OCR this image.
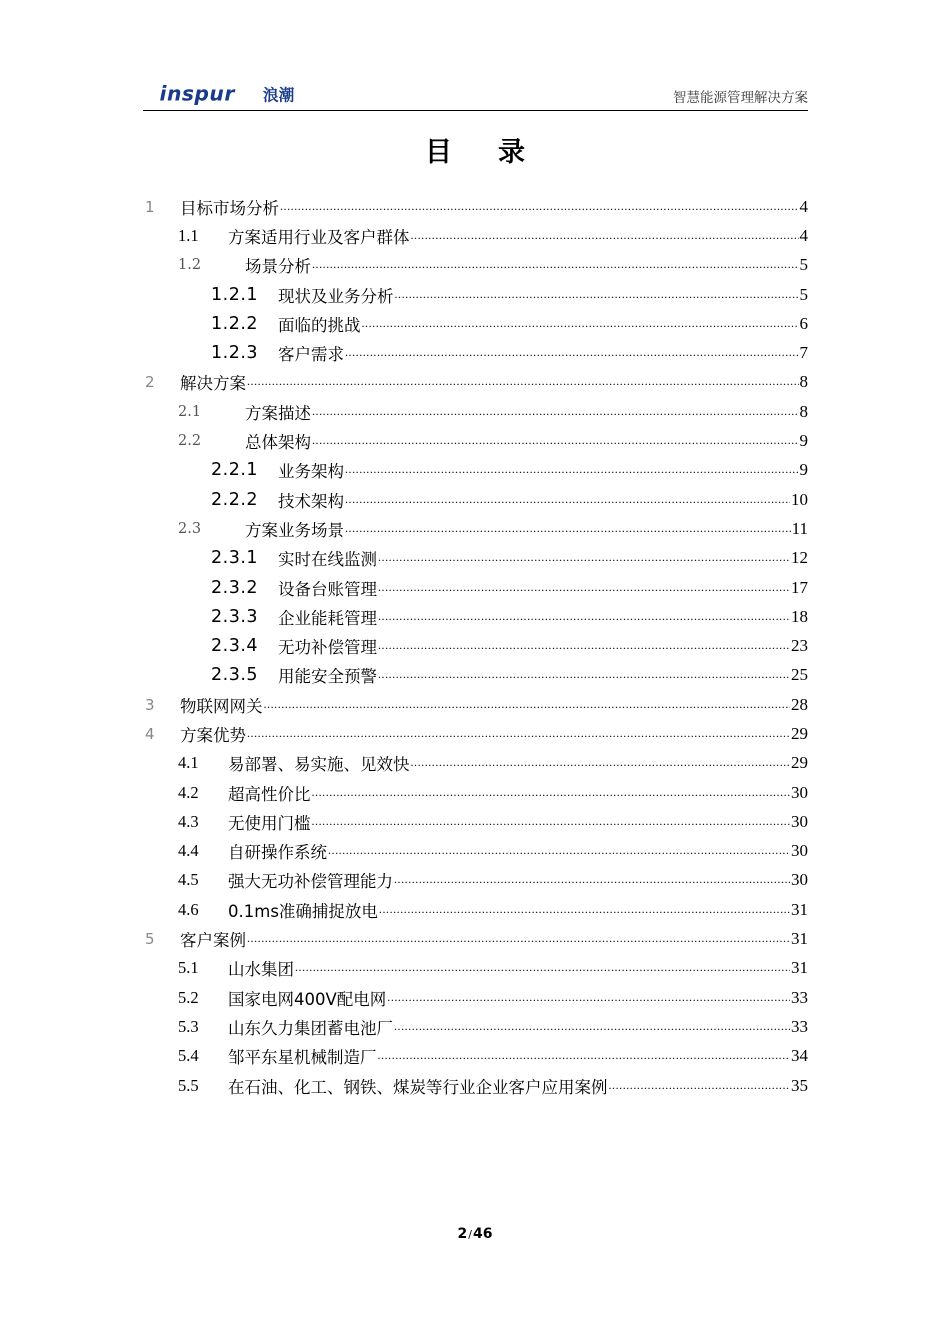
inspur 浪潮	智慧能源管理解决方案
目录
1	目标市场分析 .....	4
1.1	方案适用行业及客户群体 .....	4
1.2	场景分析 .....	5
1.2.1	现状及业务分析 .....	5
1.2.2	面临的挑战 .....	6
1.2.3	客户需求 .....	7
2	解决方案 .....	8
2.1	方案描述 .....	8
2.2	总体架构 .....	9
2.2.1	业务架构 .....	9
2.2.2	技术架构 .....	10
2.3	方案业务场景 .....	11
2.3.1	实时在线监测 .....	12
2.3.2	设备台账管理 .....	17
2.3.3	企业能耗管理 .....	18
2.3.4	无功补偿管理 .....	23
2.3.5	用能安全预警 .....	25
3	物联网网关 .....	28
4	方案优势 .....	29
4.1	易部署、易实施、见效快 .....	29
4.2	超高性价比 .....	30
4.3	无使用门槛 .....	30
4.4	自研操作系统 .....	30
4.5	强大无功补偿管理能力 .....	30
4.6	0.1ms准确捕捉放电 .....	31
5	客户案例 .....	31
5.1	山水集团 .....	31
5.2	国家电网400V配电网 .....	33
5.3	山东久力集团蓄电池厂 .....	33
5.4	邹平东星机械制造厂 .....	34
5.5	在石油、化工、钢铁、煤炭等行业企业客户应用案例 .....	35
2/46
